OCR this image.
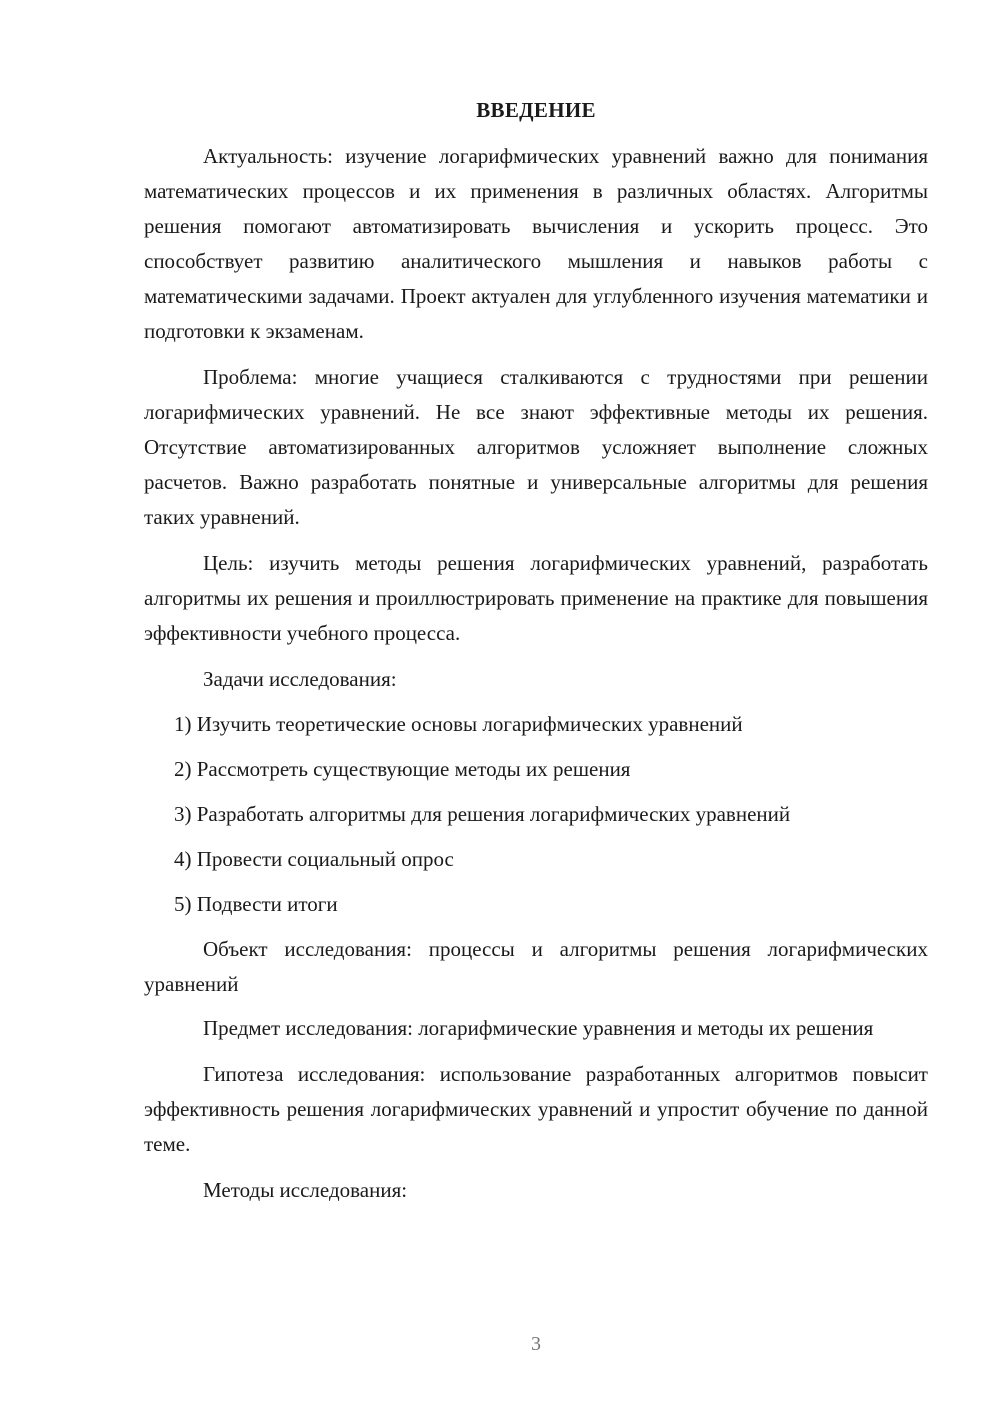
ВВЕДЕНИЕ

Актуальность: изучение логарифмических уравнений важно для понимания математических процессов и их применения в различных областях. Алгоритмы решения помогают автоматизировать вычисления и ускорить процесс. Это способствует развитию аналитического мышления и навыков работы с математическими задачами. Проект актуален для углубленного изучения математики и подготовки к экзаменам.

Проблема: многие учащиеся сталкиваются с трудностями при решении логарифмических уравнений. Не все знают эффективные методы их решения. Отсутствие автоматизированных алгоритмов усложняет выполнение сложных расчетов. Важно разработать понятные и универсальные алгоритмы для решения таких уравнений.

Цель: изучить методы решения логарифмических уравнений, разработать алгоритмы их решения и проиллюстрировать применение на практике для повышения эффективности учебного процесса.

Задачи исследования:

1) Изучить теоретические основы логарифмических уравнений

2) Рассмотреть существующие методы их решения

3) Разработать алгоритмы для решения логарифмических уравнений

4) Провести социальный опрос

5) Подвести итоги

Объект исследования: процессы и алгоритмы решения логарифмических уравнений

Предмет исследования: логарифмические уравнения и методы их решения

Гипотеза исследования: использование разработанных алгоритмов повысит эффективность решения логарифмических уравнений и упростит обучение по данной теме.

Методы исследования:

3
